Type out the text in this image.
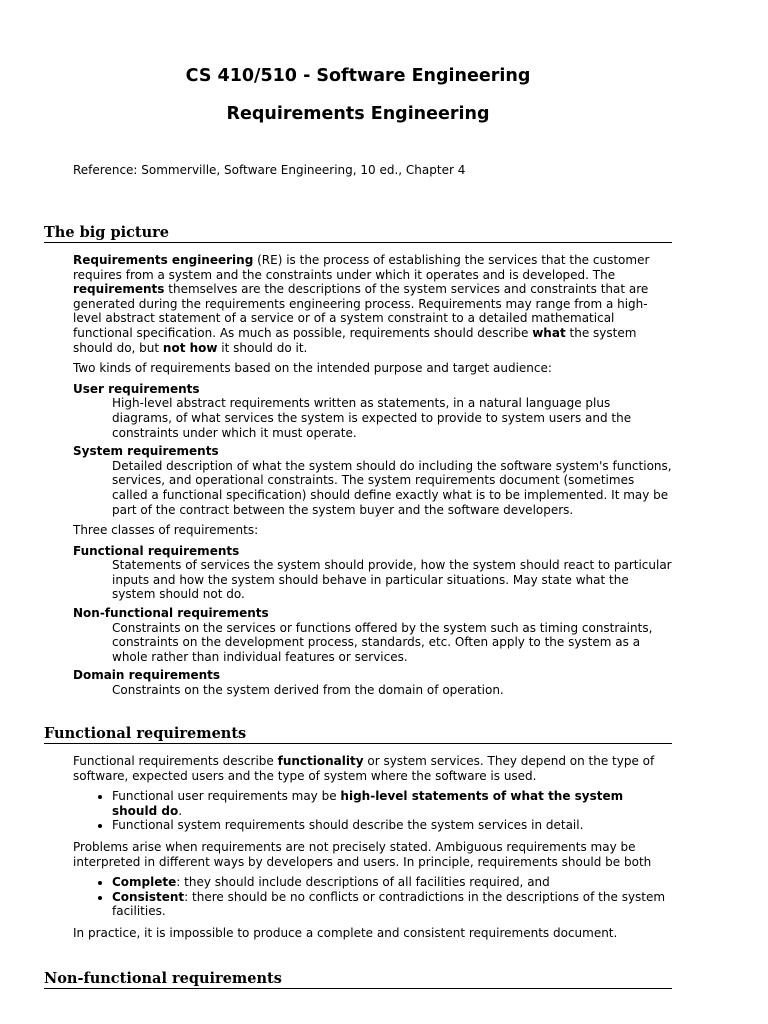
CS 410/510 - Software Engineering
Requirements Engineering

Reference: Sommerville, Software Engineering, 10 ed., Chapter 4

The big picture

Requirements engineering (RE) is the process of establishing the services that the customer requires from a system and the constraints under which it operates and is developed. The requirements themselves are the descriptions of the system services and constraints that are generated during the requirements engineering process. Requirements may range from a high-level abstract statement of a service or of a system constraint to a detailed mathematical functional specification. As much as possible, requirements should describe what the system should do, but not how it should do it.

Two kinds of requirements based on the intended purpose and target audience:

User requirements
High-level abstract requirements written as statements, in a natural language plus diagrams, of what services the system is expected to provide to system users and the constraints under which it must operate.
System requirements
Detailed description of what the system should do including the software system's functions, services, and operational constraints. The system requirements document (sometimes called a functional specification) should define exactly what is to be implemented. It may be part of the contract between the system buyer and the software developers.

Three classes of requirements:

Functional requirements
Statements of services the system should provide, how the system should react to particular inputs and how the system should behave in particular situations. May state what the system should not do.
Non-functional requirements
Constraints on the services or functions offered by the system such as timing constraints, constraints on the development process, standards, etc. Often apply to the system as a whole rather than individual features or services.
Domain requirements
Constraints on the system derived from the domain of operation.
Functional requirements

Functional requirements describe functionality or system services. They depend on the type of software, expected users and the type of system where the software is used.

• Functional user requirements may be high-level statements of what the system should do.
• Functional system requirements should describe the system services in detail.

Problems arise when requirements are not precisely stated. Ambiguous requirements may be interpreted in different ways by developers and users. In principle, requirements should be both

• Complete: they should include descriptions of all facilities required, and
• Consistent: there should be no conflicts or contradictions in the descriptions of the system facilities.

In practice, it is impossible to produce a complete and consistent requirements document.

Non-functional requirements
